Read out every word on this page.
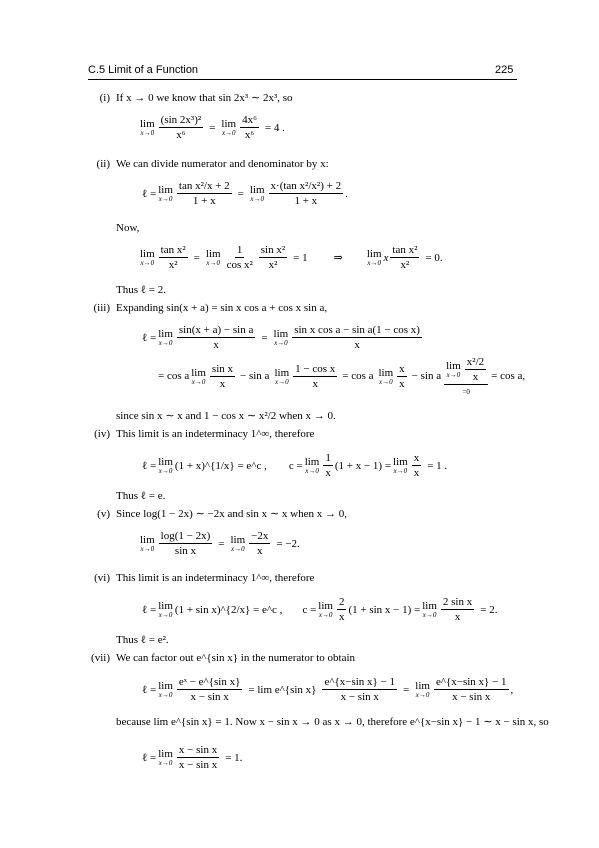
C.5 Limit of a Function	225
(i) If x → 0 we know that sin 2x³ ∼ 2x³, so
lim
$x\to 0 \frac{\text{(sin 2x³)²}}{\text{x⁶}} = \lim$
$x\to 0 \frac{\text{4x⁶}}{\text{x⁶}} = 4$ .
(ii) We can divide numerator and denominator by x:
ℓ = lim
$x\to 0 \frac{\text{tan x²/x + 2}}{1 + x} = \lim$
$x\to 0 \frac{\text{x·(tan x²/x²) + 2}}{1 + x}$ .
Now,
lim
$x\to 0 \frac{\text{tan x²}}{\text{x²}} = \lim$
$x\to 0 \frac{1}{\text{cos x²}} \frac{\text{sin x²}}{\text{x²}} = 1$ ⇒ lim
x→0 x $\frac{\text{tan x²}}{\text{x²}} = 0$.
Thus ℓ = 2.
(iii) Expanding sin(x + a) = sin x cos a + cos x sin a,
ℓ = lim
$x\to 0 \frac{\text{sin(x + a) − sin a}}{x} = \lim$
$x\to 0 \frac{\text{sin x cos a − sin a(1 − cos x)}}{x}$
= cos a lim
$x\to 0 \frac{\text{sin x}}{x} - \sin a$ lim
$x\to 0 \frac{\text{1 − cos x}}{x} = \cos a$ lim
$x\to 0 \frac{x}{x} - \sin a$
lim
$x\to 0 \frac{\text{x²/2}}{x}$
=0
= cos a,
since sin x ∼ x and 1 − cos x ∼ x²/2 when x → 0.
(iv) This limit is an indeterminacy 1^∞, therefore
ℓ = lim
x→0 (1 + x)^{1/x} = e^c , c = lim
$x\to 0 \frac{1}{x} (1 + x - 1) = \lim$
$x\to 0 \frac{x}{x} = 1$ .
Thus ℓ = e.
(v) Since log(1 − 2x) ∼ −2x and sin x ∼ x when x → 0,
lim
$x\to 0 \frac{\log(1 - 2x)}{\text{sin x}} = \lim$
$x\to 0 \frac{-2x}{x} = -2$.
(vi) This limit is an indeterminacy 1^∞, therefore
ℓ = lim
x→0 (1 + sin x)^{2/x} = e^c , c = lim
$x\to 0 \frac{2}{x} (1 + \sin x - 1) = \lim$
$x\to 0 \frac{\text{2 sin x}}{x} = 2$.
Thus ℓ = e².
(vii) We can factor out e^{sin x} in the numerator to obtain
ℓ = lim
$x\to 0 \frac{\text{eˣ − e\textasciicircum{}\{sin x\}}}{\text{x − sin x}} = \lim$ e^{sin $x\} \frac{\text{e\textasciicircum{}\{x−sin x\} − 1}}{\text{x − sin x}} = \lim$
$x\to 0 \frac{\text{e\textasciicircum{}\{x−sin x\} − 1}}{\text{x − sin x}}$ ,
because lim e^{sin x} = 1. Now x − sin x → 0 as x → 0, therefore e^{x−sin x} − 1 ∼ x − sin x, so
ℓ = lim
$x\to 0 \frac{\text{x − sin x}}{\text{x − sin x}} = 1$.
